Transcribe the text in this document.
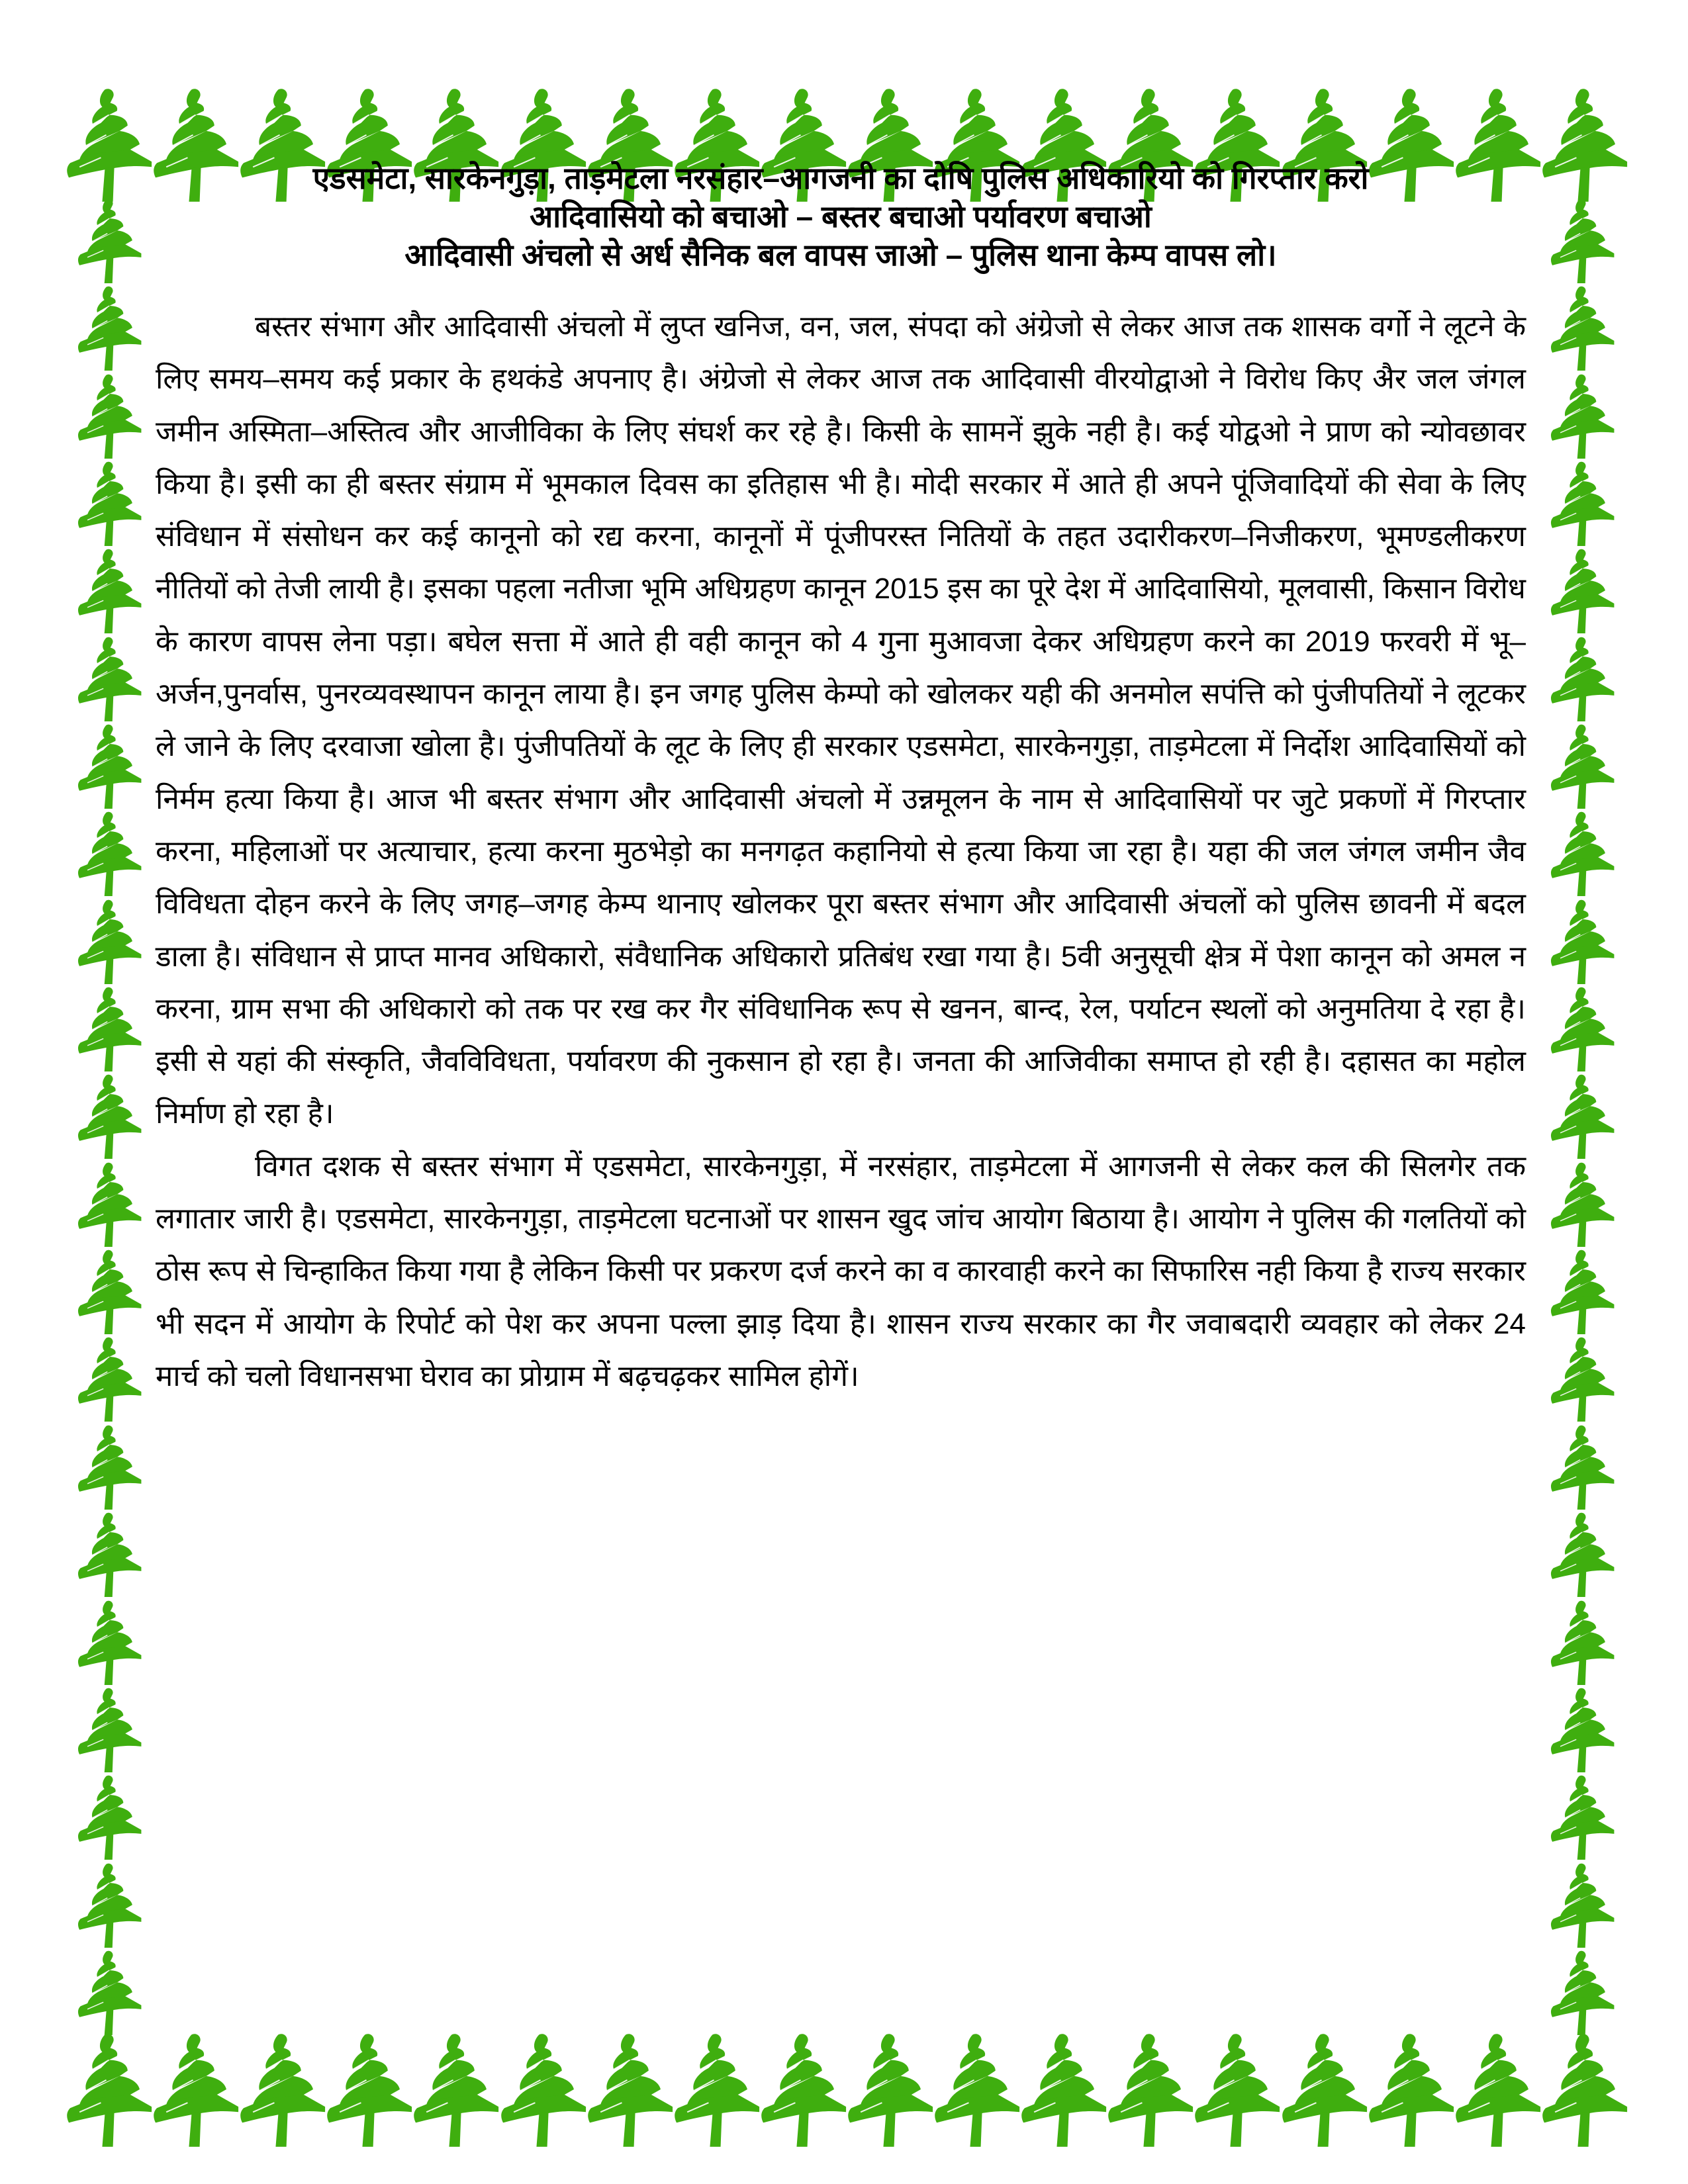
एडसमेटा, सारकेनगुड़ा, ताड़मेटला नरसंहार–आगजनी का दोषि पुलिस अधिकारियो को गिरप्तार करो

आदिवासियो को बचाओ – बस्तर बचाओ पर्यावरण बचाओ

आदिवासी अंचलो से अर्ध सैनिक बल वापस जाओ – पुलिस थाना केम्प वापस लो।

बस्तर संभाग और आदिवासी अंचलो में लुप्त खनिज, वन, जल, संपदा को अंग्रेजो से लेकर आज तक शासक वर्गो ने लूटने के लिए समय–समय कई प्रकार के हथकंडे अपनाए है। अंग्रेजो से लेकर आज तक आदिवासी वीरयोद्वाओ ने विरोध किए अैर जल जंगल जमीन अस्मिता–अस्तित्व और आजीविका के लिए संघर्श कर रहे है। किसी के सामनें झुके नही है। कई योद्वओ ने प्राण को न्योवछावर किया है। इसी का ही बस्तर संग्राम में भूमकाल दिवस का इतिहास भी है। मोदी सरकार में आते ही अपने पूंजिवादियों की सेवा के लिए संविधान में संसोधन कर कई कानूनो को रद्य करना, कानूनों में पूंजीपरस्त नितियों के तहत उदारीकरण–निजीकरण, भूमण्डलीकरण नीतियों को तेजी लायी है। इसका पहला नतीजा भूमि अधिग्रहण कानून 2015 इस का पूरे देश में आदिवासियो, मूलवासी, किसान विरोध के कारण वापस लेना पड़ा। बघेल सत्ता में आते ही वही कानून को 4 गुना मुआवजा देकर अधिग्रहण करने का 2019 फरवरी में भू–अर्जन,पुनर्वास, पुनरव्यवस्थापन कानून लाया है। इन जगह पुलिस केम्पो को खोलकर यही की अनमोल सपंत्ति को पुंजीपतियों ने लूटकर ले जाने के लिए दरवाजा खोला है। पुंजीपतियों के लूट के लिए ही सरकार एडसमेटा, सारकेनगुड़ा, ताड़मेटला में निर्दोश आदिवासियों को निर्मम हत्या किया है। आज भी बस्तर संभाग और आदिवासी अंचलो में उन्नमूलन के नाम से आदिवासियों पर जुटे प्रकणों में गिरप्तार करना, महिलाओं पर अत्याचार, हत्या करना मुठभेड़ो का मनगढ़त कहानियो से हत्या किया जा रहा है। यहा की जल जंगल जमीन जैव विविधता दोहन करने के लिए जगह–जगह केम्प थानाए खोलकर पूरा बस्तर संभाग और आदिवासी अंचलों को पुलिस छावनी में बदल डाला है। संविधान से प्राप्त मानव अधिकारो, संवैधानिक अधिकारो प्रतिबंध रखा गया है। 5वी अनुसूची क्षेत्र में पेशा कानून को अमल न करना, ग्राम सभा की अधिकारो को तक पर रख कर गैर संविधानिक रूप से खनन, बान्द, रेल, पर्याटन स्थलों को अनुमतिया दे रहा है। इसी से यहां की संस्कृति, जैवविविधता, पर्यावरण की नुकसान हो रहा है। जनता की आजिवीका समाप्त हो रही है। दहासत का महोल निर्माण हो रहा है।

विगत दशक से बस्तर संभाग में एडसमेटा, सारकेनगुड़ा, में नरसंहार, ताड़मेटला में आगजनी से लेकर कल की सिलगेर तक लगातार जारी है। एडसमेटा, सारकेनगुड़ा, ताड़मेटला घटनाओं पर शासन खुद जांच आयोग बिठाया है। आयोग ने पुलिस की गलतियों को ठोस रूप से चिन्हाकित किया गया है लेकिन किसी पर प्रकरण दर्ज करने का व कारवाही करने का सिफारिस नही किया है राज्य सरकार भी सदन में आयोग के रिपोर्ट को पेश कर अपना पल्ला झाड़ दिया है। शासन राज्य सरकार का गैर जवाबदारी व्यवहार को लेकर 24 मार्च को चलो विधानसभा घेराव का प्रोग्राम में बढ़चढ़कर सामिल होगें।
